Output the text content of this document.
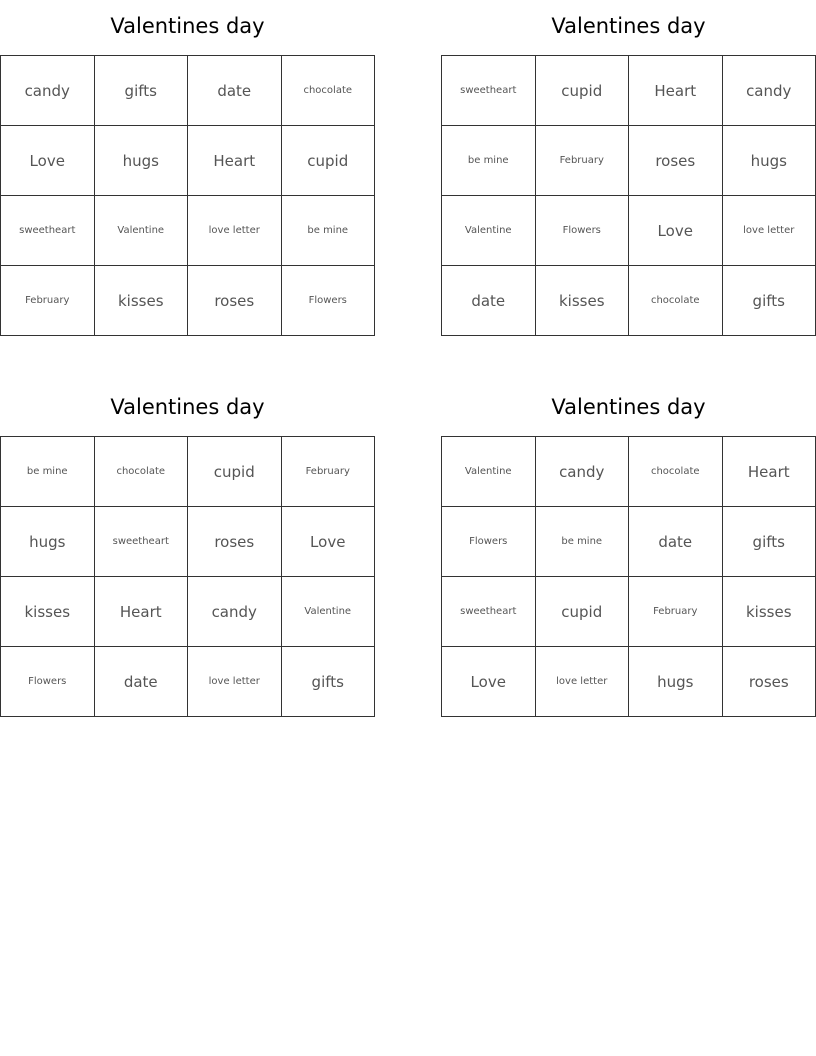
Valentines day
candy	gifts	date	chocolate
Love	hugs	Heart	cupid
sweetheart	Valentine	love letter	be mine
February	kisses	roses	Flowers
Valentines day
sweetheart	cupid	Heart	candy
be mine	February	roses	hugs
Valentine	Flowers	Love	love letter
date	kisses	chocolate	gifts
Valentines day
be mine	chocolate	cupid	February
hugs	sweetheart	roses	Love
kisses	Heart	candy	Valentine
Flowers	date	love letter	gifts
Valentines day
Valentine	candy	chocolate	Heart
Flowers	be mine	date	gifts
sweetheart	cupid	February	kisses
Love	love letter	hugs	roses
